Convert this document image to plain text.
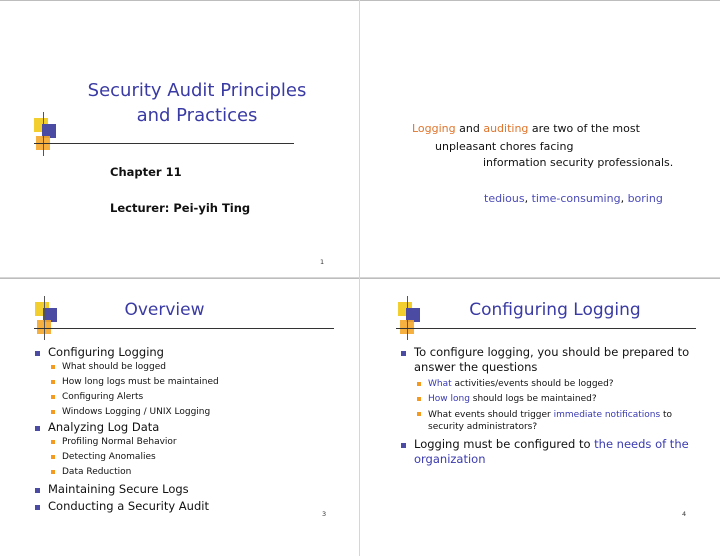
Security Audit Principles
and Practices
Chapter 11
Lecturer: Pei-yih Ting
1
Logging and auditing are two of the most
unpleasant chores facing
information security professionals.
tedious, time-consuming, boring
Overview
Configuring Logging
What should be logged
How long logs must be maintained
Configuring Alerts
Windows Logging / UNIX Logging
Analyzing Log Data
Profiling Normal Behavior
Detecting Anomalies
Data Reduction
Maintaining Secure Logs
Conducting a Security Audit
3
Configuring Logging
To configure logging, you should be prepared to
answer the questions
What activities/events should be logged?
How long should logs be maintained?
What events should trigger immediate notifications to
security administrators?
Logging must be configured to the needs of the
organization
4
